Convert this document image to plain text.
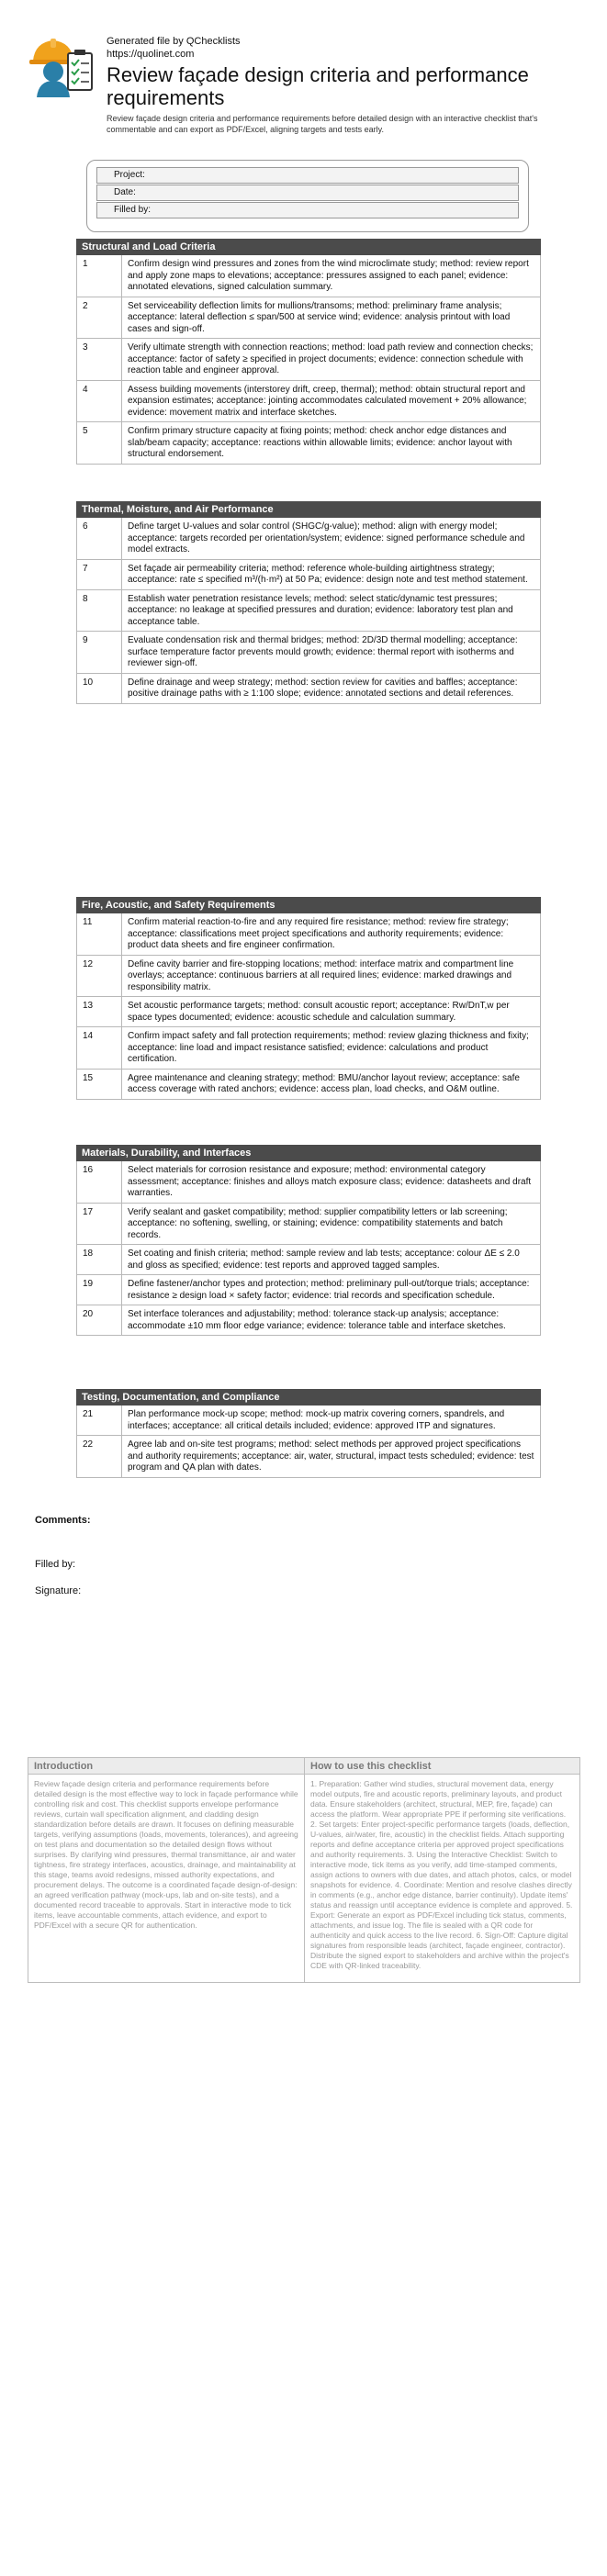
Generated file by QChecklists
https://quolinet.com
Review façade design criteria and performance requirements
Review façade design criteria and performance requirements before detailed design with an interactive checklist that's commentable and can export as PDF/Excel, aligning targets and tests early.
Project:
Date:
Filled by:
Structural and Load Criteria
1	Confirm design wind pressures and zones from the wind microclimate study; method: review report and apply zone maps to elevations; acceptance: pressures assigned to each panel; evidence: annotated elevations, signed calculation summary.
2	Set serviceability deflection limits for mullions/transoms; method: preliminary frame analysis; acceptance: lateral deflection ≤ span/500 at service wind; evidence: analysis printout with load cases and sign-off.
3	Verify ultimate strength with connection reactions; method: load path review and connection checks; acceptance: factor of safety ≥ specified in project documents; evidence: connection schedule with reaction table and engineer approval.
4	Assess building movements (interstorey drift, creep, thermal); method: obtain structural report and expansion estimates; acceptance: jointing accommodates calculated movement + 20% allowance; evidence: movement matrix and interface sketches.
5	Confirm primary structure capacity at fixing points; method: check anchor edge distances and slab/beam capacity; acceptance: reactions within allowable limits; evidence: anchor layout with structural endorsement.
Thermal, Moisture, and Air Performance
6	Define target U-values and solar control (SHGC/g-value); method: align with energy model; acceptance: targets recorded per orientation/system; evidence: signed performance schedule and model extracts.
7	Set façade air permeability criteria; method: reference whole-building airtightness strategy; acceptance: rate ≤ specified m³/(h·m²) at 50 Pa; evidence: design note and test method statement.
8	Establish water penetration resistance levels; method: select static/dynamic test pressures; acceptance: no leakage at specified pressures and duration; evidence: laboratory test plan and acceptance table.
9	Evaluate condensation risk and thermal bridges; method: 2D/3D thermal modelling; acceptance: surface temperature factor prevents mould growth; evidence: thermal report with isotherms and reviewer sign-off.
10	Define drainage and weep strategy; method: section review for cavities and baffles; acceptance: positive drainage paths with ≥ 1:100 slope; evidence: annotated sections and detail references.
Fire, Acoustic, and Safety Requirements
11	Confirm material reaction-to-fire and any required fire resistance; method: review fire strategy; acceptance: classifications meet project specifications and authority requirements; evidence: product data sheets and fire engineer confirmation.
12	Define cavity barrier and fire-stopping locations; method: interface matrix and compartment line overlays; acceptance: continuous barriers at all required lines; evidence: marked drawings and responsibility matrix.
13	Set acoustic performance targets; method: consult acoustic report; acceptance: Rw/DnT,w per space types documented; evidence: acoustic schedule and calculation summary.
14	Confirm impact safety and fall protection requirements; method: review glazing thickness and fixity; acceptance: line load and impact resistance satisfied; evidence: calculations and product certification.
15	Agree maintenance and cleaning strategy; method: BMU/anchor layout review; acceptance: safe access coverage with rated anchors; evidence: access plan, load checks, and O&M outline.
Materials, Durability, and Interfaces
16	Select materials for corrosion resistance and exposure; method: environmental category assessment; acceptance: finishes and alloys match exposure class; evidence: datasheets and draft warranties.
17	Verify sealant and gasket compatibility; method: supplier compatibility letters or lab screening; acceptance: no softening, swelling, or staining; evidence: compatibility statements and batch records.
18	Set coating and finish criteria; method: sample review and lab tests; acceptance: colour ΔE ≤ 2.0 and gloss as specified; evidence: test reports and approved tagged samples.
19	Define fastener/anchor types and protection; method: preliminary pull-out/torque trials; acceptance: resistance ≥ design load × safety factor; evidence: trial records and specification schedule.
20	Set interface tolerances and adjustability; method: tolerance stack-up analysis; acceptance: accommodate ±10 mm floor edge variance; evidence: tolerance table and interface sketches.
Testing, Documentation, and Compliance
21	Plan performance mock-up scope; method: mock-up matrix covering corners, spandrels, and interfaces; acceptance: all critical details included; evidence: approved ITP and signatures.
22	Agree lab and on-site test programs; method: select methods per approved project specifications and authority requirements; acceptance: air, water, structural, impact tests scheduled; evidence: test program and QA plan with dates.
Comments:
Filled by:
Signature:
Introduction
Review façade design criteria and performance requirements before detailed design is the most effective way to lock in façade performance while controlling risk and cost. This checklist supports envelope performance reviews, curtain wall specification alignment, and cladding design standardization before details are drawn. It focuses on defining measurable targets, verifying assumptions (loads, movements, tolerances), and agreeing on test plans and documentation so the detailed design flows without surprises. By clarifying wind pressures, thermal transmittance, air and water tightness, fire strategy interfaces, acoustics, drainage, and maintainability at this stage, teams avoid redesigns, missed authority expectations, and procurement delays. The outcome is a coordinated façade design-of-design: an agreed verification pathway (mock-ups, lab and on-site tests), and a documented record traceable to approvals. Start in interactive mode to tick items, leave accountable comments, attach evidence, and export to PDF/Excel with a secure QR for authentication.
How to use this checklist
1. Preparation: Gather wind studies, structural movement data, energy model outputs, fire and acoustic reports, preliminary layouts, and product data. Ensure stakeholders (architect, structural, MEP, fire, façade) can access the platform. Wear appropriate PPE if performing site verifications. 2. Set targets: Enter project-specific performance targets (loads, deflection, U-values, air/water, fire, acoustic) in the checklist fields. Attach supporting reports and define acceptance criteria per approved project specifications and authority requirements. 3. Using the Interactive Checklist: Switch to interactive mode, tick items as you verify, add time-stamped comments, assign actions to owners with due dates, and attach photos, calcs, or model snapshots for evidence. 4. Coordinate: Mention and resolve clashes directly in comments (e.g., anchor edge distance, barrier continuity). Update items' status and reassign until acceptance evidence is complete and approved. 5. Export: Generate an export as PDF/Excel including tick status, comments, attachments, and issue log. The file is sealed with a QR code for authenticity and quick access to the live record. 6. Sign-Off: Capture digital signatures from responsible leads (architect, façade engineer, contractor). Distribute the signed export to stakeholders and archive within the project's CDE with QR-linked traceability.
